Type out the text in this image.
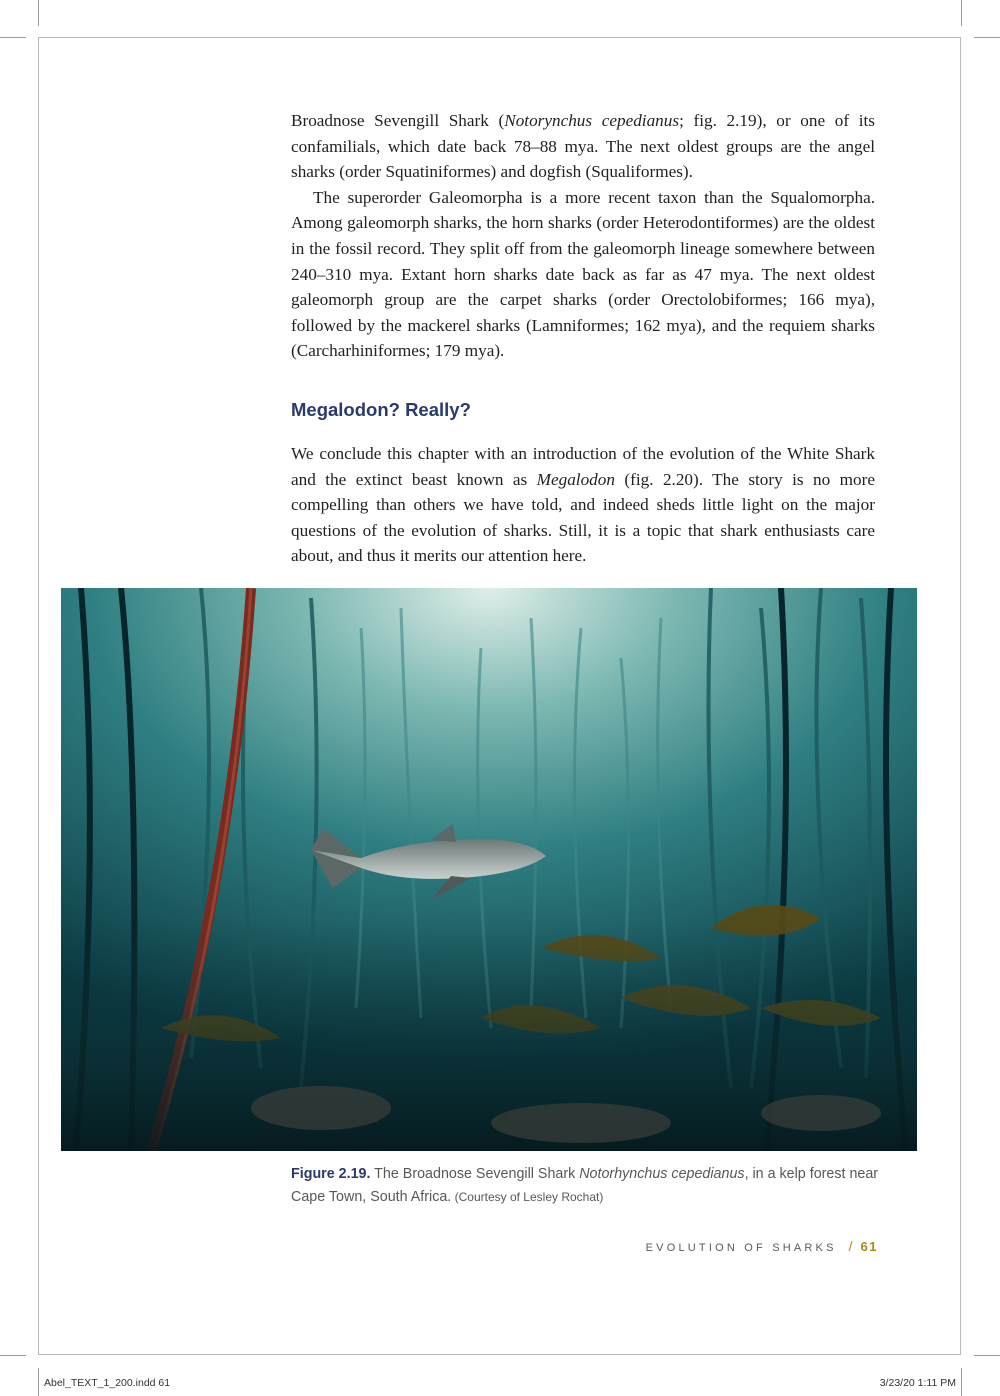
Broadnose Sevengill Shark (Notorynchus cepedianus; fig. 2.19), or one of its confamilials, which date back 78–88 mya. The next oldest groups are the angel sharks (order Squatiniformes) and dogfish (Squaliformes).

The superorder Galeomorpha is a more recent taxon than the Squalomorpha. Among galeomorph sharks, the horn sharks (order Heterodontiformes) are the oldest in the fossil record. They split off from the galeomorph lineage somewhere between 240–310 mya. Extant horn sharks date back as far as 47 mya. The next oldest galeomorph group are the carpet sharks (order Orectolobiformes; 166 mya), followed by the mackerel sharks (Lamniformes; 162 mya), and the requiem sharks (Carcharhiniformes; 179 mya).

Megalodon? Really?

We conclude this chapter with an introduction of the evolution of the White Shark and the extinct beast known as Megalodon (fig. 2.20). The story is no more compelling than others we have told, and indeed sheds little light on the major questions of the evolution of sharks. Still, it is a topic that shark enthusiasts care about, and thus it merits our attention here.

Figure 2.19. The Broadnose Sevengill Shark Notorhynchus cepedianus, in a kelp forest near Cape Town, South Africa. (Courtesy of Lesley Rochat)
EVOLUTION OF SHARKS / 61
Abel_TEXT_1_200.indd 61	3/23/20 1:11 PM
